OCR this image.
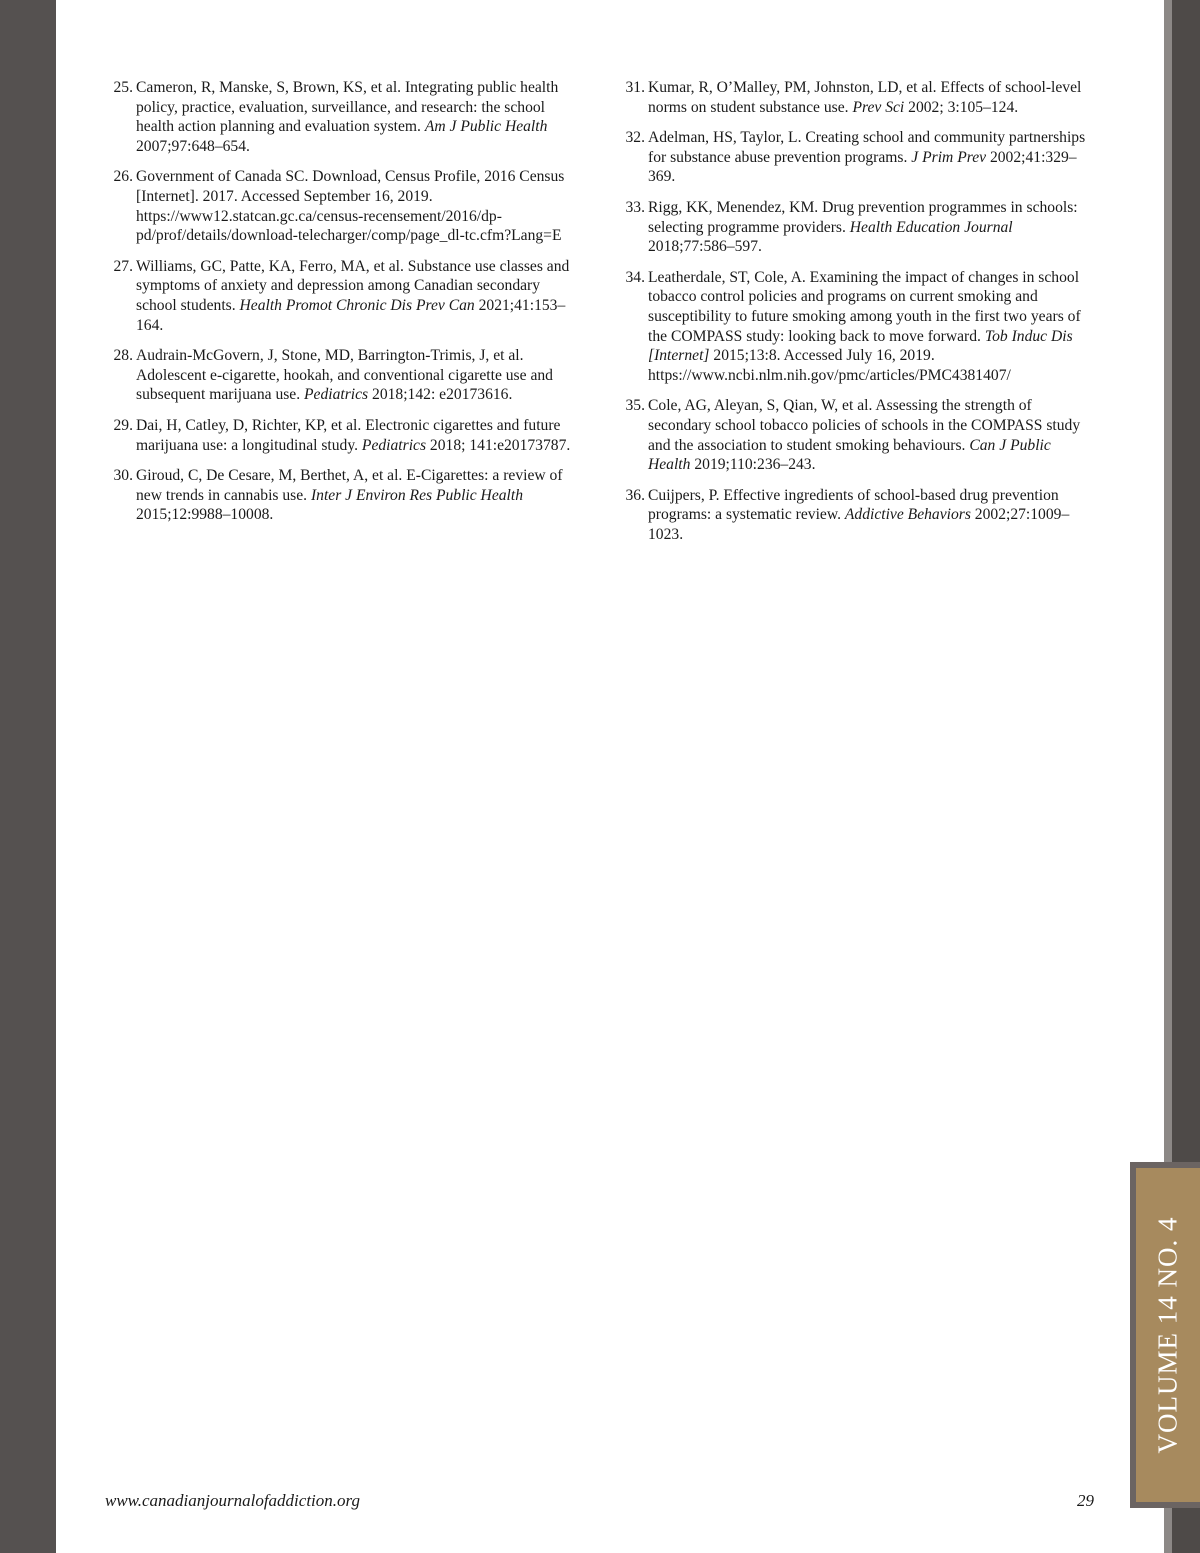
25. Cameron, R, Manske, S, Brown, KS, et al. Integrating public health policy, practice, evaluation, surveillance, and research: the school health action planning and evaluation system. Am J Public Health 2007;97:648–654.
26. Government of Canada SC. Download, Census Profile, 2016 Census [Internet]. 2017. Accessed September 16, 2019. https://www12.statcan.gc.ca/census-recensement/2016/dp-pd/prof/details/download-telecharger/comp/page_dl-tc.cfm?Lang=E
27. Williams, GC, Patte, KA, Ferro, MA, et al. Substance use classes and symptoms of anxiety and depression among Canadian secondary school students. Health Promot Chronic Dis Prev Can 2021;41:153–164.
28. Audrain-McGovern, J, Stone, MD, Barrington-Trimis, J, et al. Adolescent e-cigarette, hookah, and conventional cigarette use and subsequent marijuana use. Pediatrics 2018;142: e20173616.
29. Dai, H, Catley, D, Richter, KP, et al. Electronic cigarettes and future marijuana use: a longitudinal study. Pediatrics 2018; 141:e20173787.
30. Giroud, C, De Cesare, M, Berthet, A, et al. E-Cigarettes: a review of new trends in cannabis use. Inter J Environ Res Public Health 2015;12:9988–10008.
31. Kumar, R, O’Malley, PM, Johnston, LD, et al. Effects of school-level norms on student substance use. Prev Sci 2002; 3:105–124.
32. Adelman, HS, Taylor, L. Creating school and community partnerships for substance abuse prevention programs. J Prim Prev 2002;41:329–369.
33. Rigg, KK, Menendez, KM. Drug prevention programmes in schools: selecting programme providers. Health Education Journal 2018;77:586–597.
34. Leatherdale, ST, Cole, A. Examining the impact of changes in school tobacco control policies and programs on current smoking and susceptibility to future smoking among youth in the first two years of the COMPASS study: looking back to move forward. Tob Induc Dis [Internet] 2015;13:8. Accessed July 16, 2019. https://www.ncbi.nlm.nih.gov/pmc/articles/PMC4381407/
35. Cole, AG, Aleyan, S, Qian, W, et al. Assessing the strength of secondary school tobacco policies of schools in the COMPASS study and the association to student smoking behaviours. Can J Public Health 2019;110:236–243.
36. Cuijpers, P. Effective ingredients of school-based drug prevention programs: a systematic review. Addictive Behaviors 2002;27:1009–1023.
VOLUME 14 NO. 4
www.canadianjournalofaddiction.org	29
